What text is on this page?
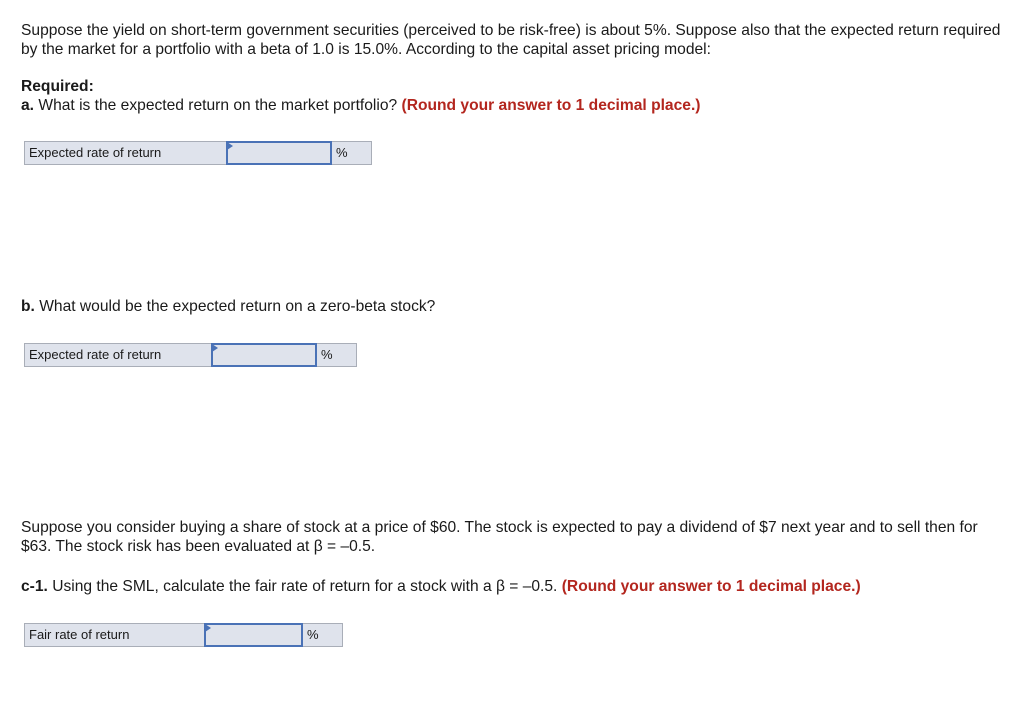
Suppose the yield on short-term government securities (perceived to be risk-free) is about 5%. Suppose also that the expected return required by the market for a portfolio with a beta of 1.0 is 15.0%. According to the capital asset pricing model:

Required:

a. What is the expected return on the market portfolio? (Round your answer to 1 decimal place.)

Expected rate of return	%

b. What would be the expected return on a zero-beta stock?

Expected rate of return	%

Suppose you consider buying a share of stock at a price of $60. The stock is expected to pay a dividend of $7 next year and to sell then for $63. The stock risk has been evaluated at β = –0.5.

c-1. Using the SML, calculate the fair rate of return for a stock with a β = –0.5. (Round your answer to 1 decimal place.)

Fair rate of return	%
